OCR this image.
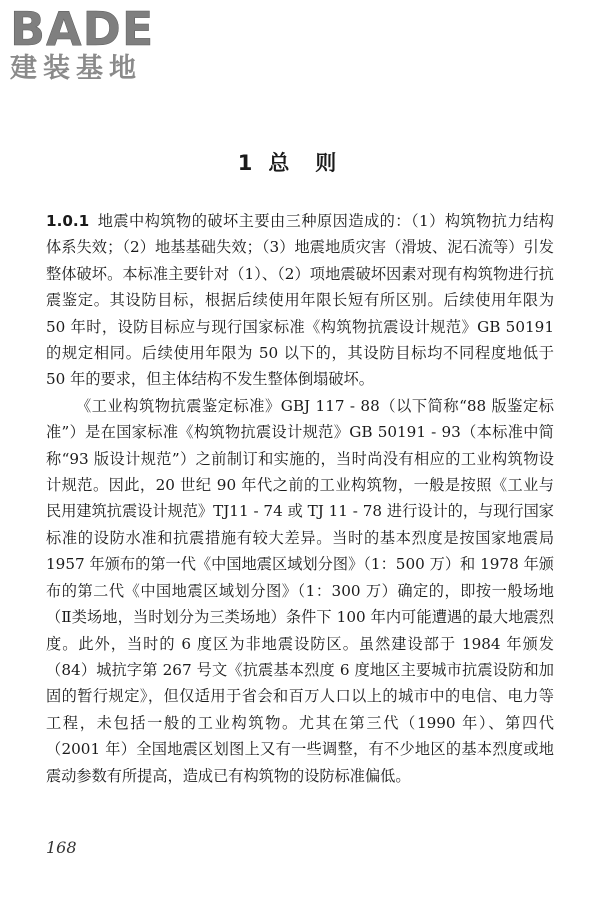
BADE
建装基地
1 总则

1.0.1 地震中构筑物的破坏主要由三种原因造成的：（1）构筑物抗力结构体系失效；（2）地基基础失效；（3）地震地质灾害（滑坡、泥石流等）引发整体破坏。本标准主要针对（1）、（2）项地震破坏因素对现有构筑物进行抗震鉴定。其设防目标，根据后续使用年限长短有所区别。后续使用年限为 50 年时，设防目标应与现行国家标准《构筑物抗震设计规范》GB 50191 的规定相同。后续使用年限为 50 以下的，其设防目标均不同程度地低于 50 年的要求，但主体结构不发生整体倒塌破坏。

《工业构筑物抗震鉴定标准》GBJ 117 - 88（以下简称“88 版鉴定标准”）是在国家标准《构筑物抗震设计规范》GB 50191 - 93（本标准中简称“93 版设计规范”）之前制订和实施的，当时尚没有相应的工业构筑物设计规范。因此，20 世纪 90 年代之前的工业构筑物，一般是按照《工业与民用建筑抗震设计规范》TJ11 - 74 或 TJ 11 - 78 进行设计的，与现行国家标准的设防水准和抗震措施有较大差异。当时的基本烈度是按国家地震局 1957 年颁布的第一代《中国地震区域划分图》（1：500 万）和 1978 年颁布的第二代《中国地震区域划分图》（1：300 万）确定的，即按一般场地（Ⅱ类场地，当时划分为三类场地）条件下 100 年内可能遭遇的最大地震烈度。此外，当时的 6 度区为非地震设防区。虽然建设部于 1984 年颁发（84）城抗字第 267 号文《抗震基本烈度 6 度地区主要城市抗震设防和加固的暂行规定》，但仅适用于省会和百万人口以上的城市中的电信、电力等工程，未包括一般的工业构筑物。尤其在第三代（1990 年）、第四代（2001 年）全国地震区划图上又有一些调整，有不少地区的基本烈度或地震动参数有所提高，造成已有构筑物的设防标准偏低。

168
